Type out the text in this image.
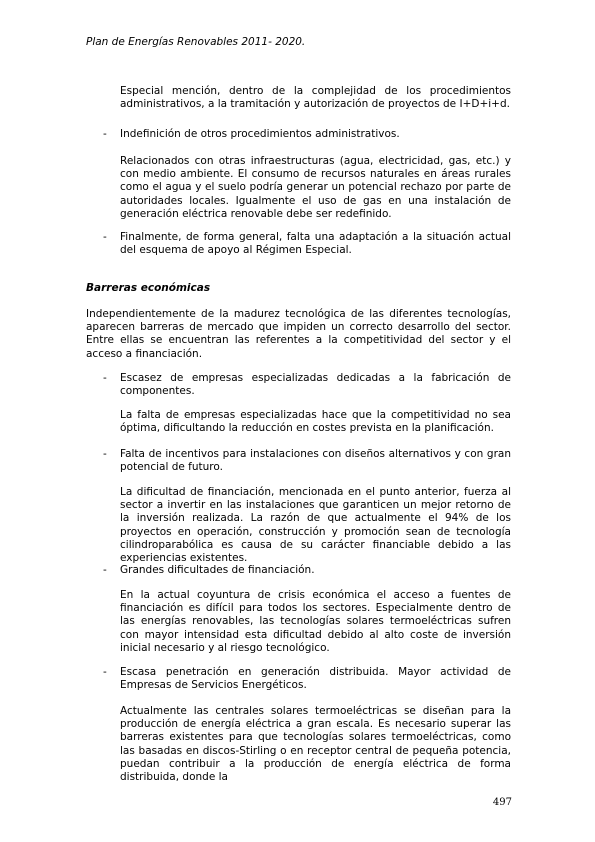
Plan de Energías Renovables 2011- 2020.
Especial mención, dentro de la complejidad de los procedimientos administrativos, a la tramitación y autorización de proyectos de I+D+i+d.
- Indefinición de otros procedimientos administrativos.
Relacionados con otras infraestructuras (agua, electricidad, gas, etc.) y con medio ambiente. El consumo de recursos naturales en áreas rurales como el agua y el suelo podría generar un potencial rechazo por parte de autoridades locales. Igualmente el uso de gas en una instalación de generación eléctrica renovable debe ser redefinido.
- Finalmente, de forma general, falta una adaptación a la situación actual del esquema de apoyo al Régimen Especial.
Barreras económicas
Independientemente de la madurez tecnológica de las diferentes tecnologías, aparecen barreras de mercado que impiden un correcto desarrollo del sector. Entre ellas se encuentran las referentes a la competitividad del sector y el acceso a financiación.
- Escasez de empresas especializadas dedicadas a la fabricación de componentes.
La falta de empresas especializadas hace que la competitividad no sea óptima, dificultando la reducción en costes prevista en la planificación.
- Falta de incentivos para instalaciones con diseños alternativos y con gran potencial de futuro.
La dificultad de financiación, mencionada en el punto anterior, fuerza al sector a invertir en las instalaciones que garanticen un mejor retorno de la inversión realizada. La razón de que actualmente el 94% de los proyectos en operación, construcción y promoción sean de tecnología cilindroparabólica es causa de su carácter financiable debido a las experiencias existentes.
- Grandes dificultades de financiación.
En la actual coyuntura de crisis económica el acceso a fuentes de financiación es difícil para todos los sectores. Especialmente dentro de las energías renovables, las tecnologías solares termoeléctricas sufren con mayor intensidad esta dificultad debido al alto coste de inversión inicial necesario y al riesgo tecnológico.
- Escasa penetración en generación distribuida. Mayor actividad de Empresas de Servicios Energéticos.
Actualmente las centrales solares termoeléctricas se diseñan para la producción de energía eléctrica a gran escala. Es necesario superar las barreras existentes para que tecnologías solares termoeléctricas, como las basadas en discos-Stirling o en receptor central de pequeña potencia, puedan contribuir a la producción de energía eléctrica de forma distribuida, donde la
497
